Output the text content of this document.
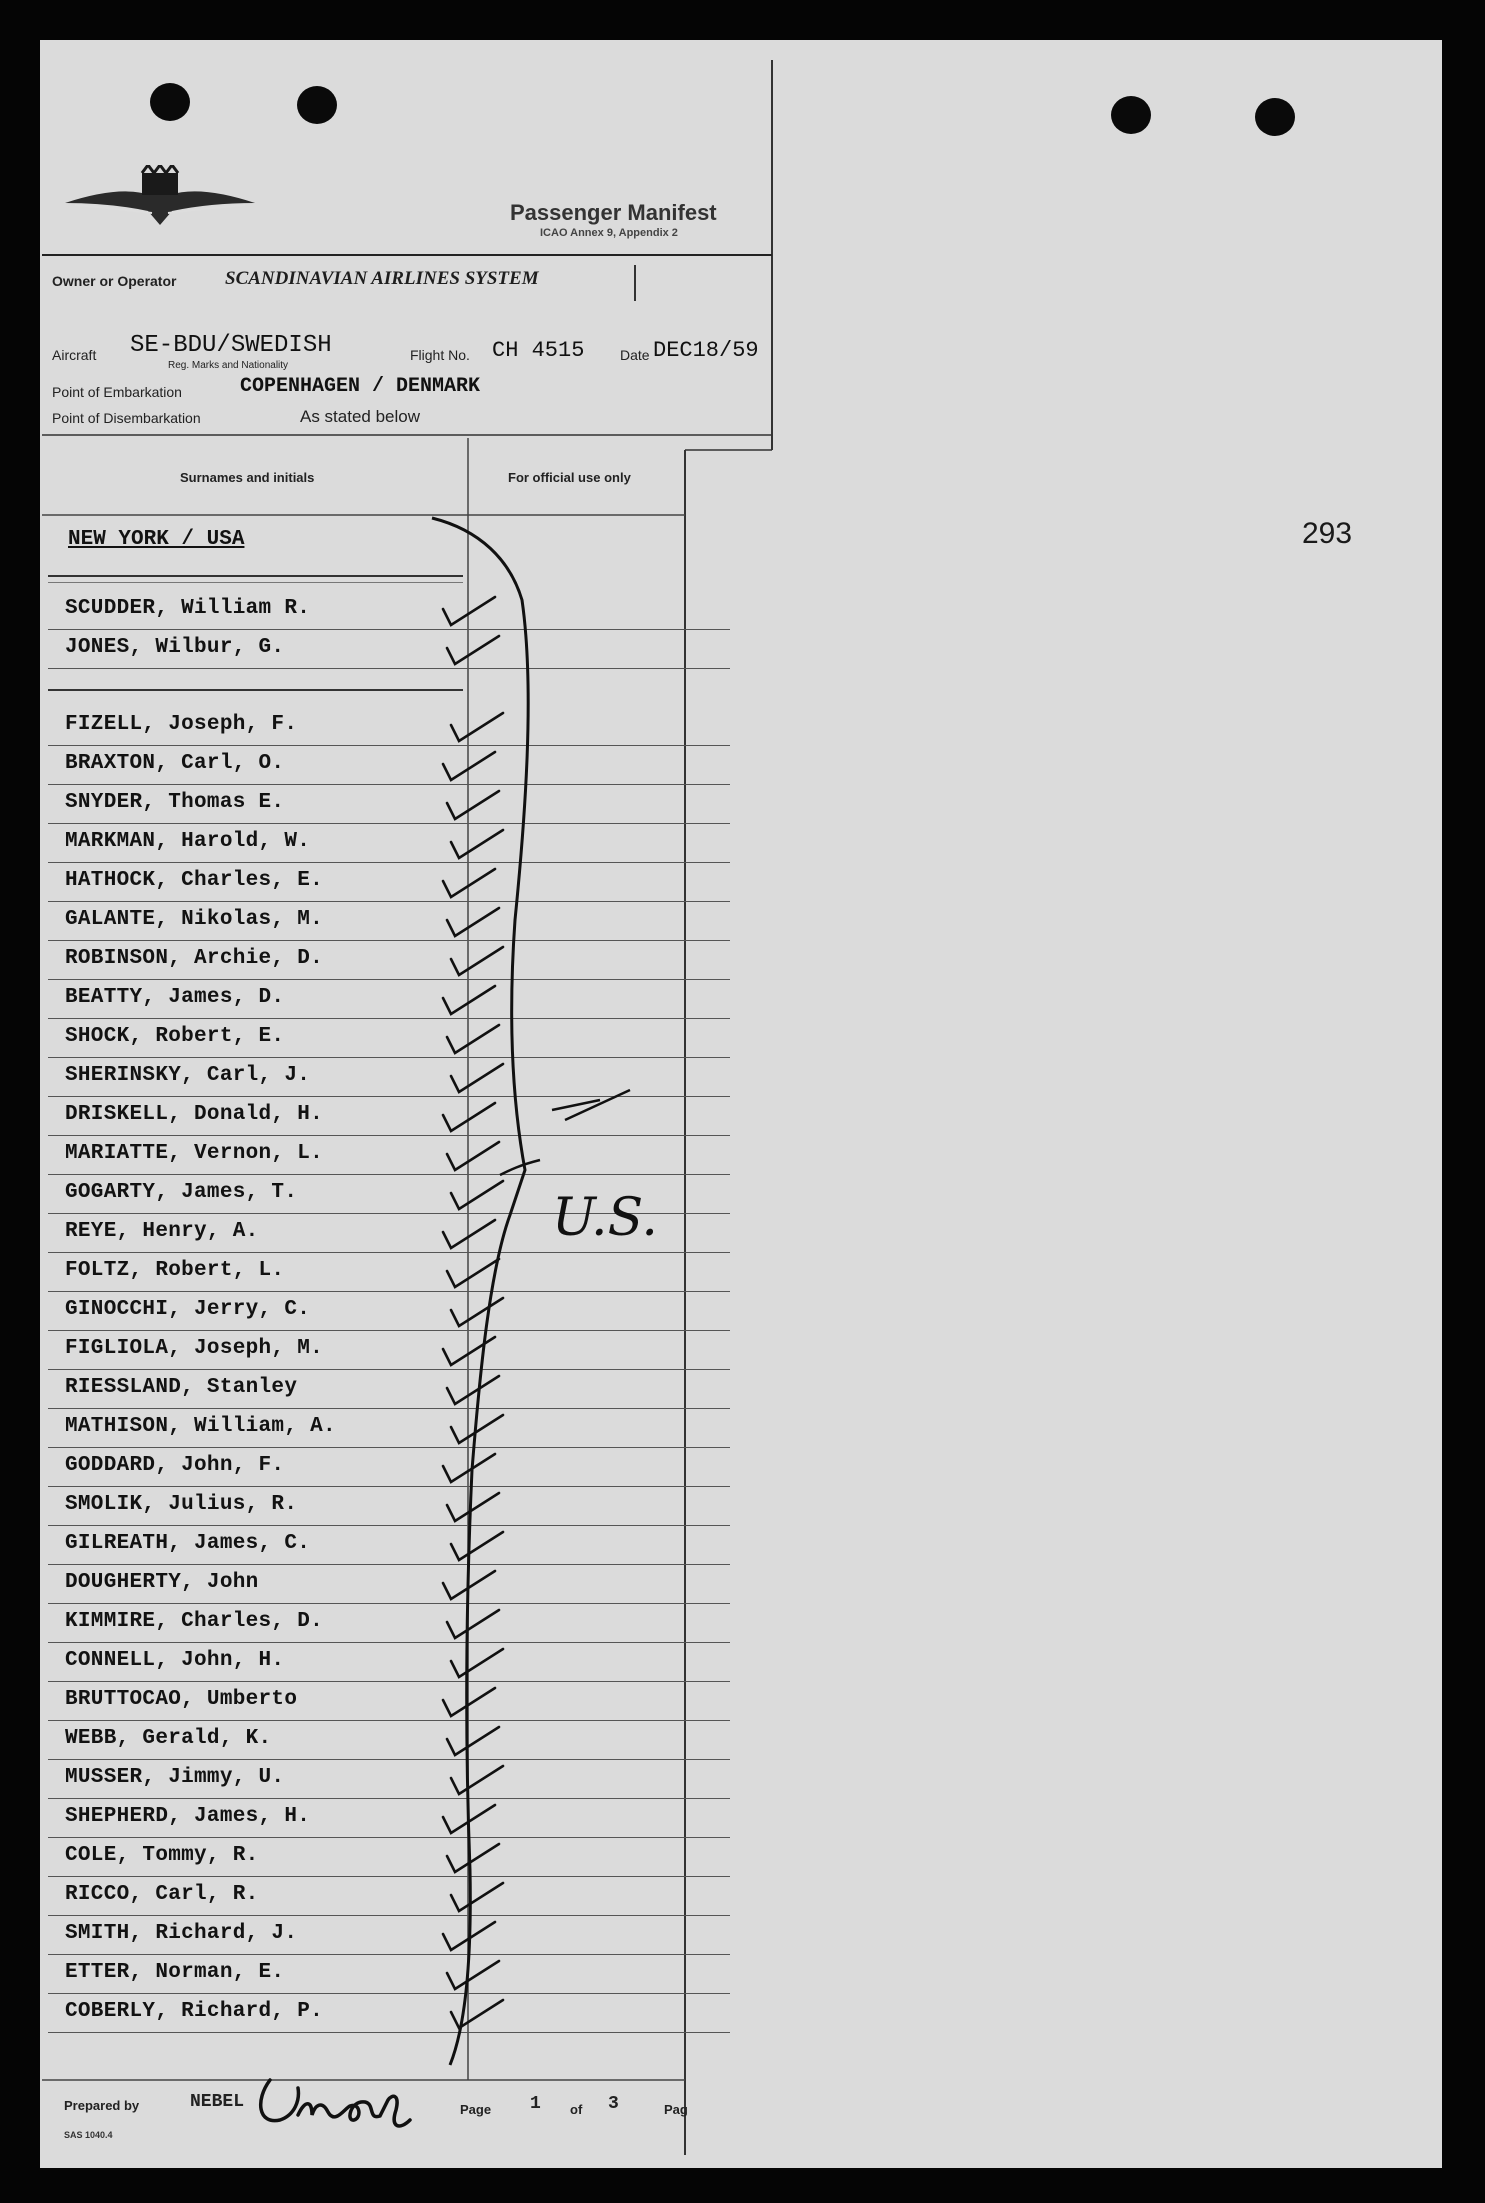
Passenger Manifest
ICAO Annex 9, Appendix 2
Owner or Operator	SCANDINAVIAN AIRLINES SYSTEM
Aircraft SE-BDU/SWEDISH
Reg. Marks and Nationality
Flight No. CH 4515	Date DEC18/59
Point of Embarkation	COPENHAGEN / DENMARK
Point of Disembarkation	As stated below
Surnames and initials	For official use only
293
NEW YORK / USA
SCUDDER, William R.
JONES, Wilbur, G.
FIZELL, Joseph, F.
BRAXTON, Carl, O.
SNYDER, Thomas E.
MARKMAN, Harold, W.
HATHOCK, Charles, E.
GALANTE, Nikolas, M.
ROBINSON, Archie, D.
BEATTY, James, D.
SHOCK, Robert, E.
SHERINSKY, Carl, J.
DRISKELL, Donald, H.
MARIATTE, Vernon, L.
GOGARTY, James, T.
REYE, Henry, A.
FOLTZ, Robert, L.
GINOCCHI, Jerry, C.
FIGLIOLA, Joseph, M.
RIESSLAND, Stanley
MATHISON, William, A.
GODDARD, John, F.
SMOLIK, Julius, R.
GILREATH, James, C.
DOUGHERTY, John
KIMMIRE, Charles, D.
CONNELL, John, H.
BRUTTOCAO, Umberto
WEBB, Gerald, K.
MUSSER, Jimmy, U.
SHEPHERD, James, H.
COLE, Tommy, R.
RICCO, Carl, R.
SMITH, Richard, J.
ETTER, Norman, E.
COBERLY, Richard, P.
U.S.
Prepared by	NEBEL	Page 1 of 3	Pag
SAS 1040.4
